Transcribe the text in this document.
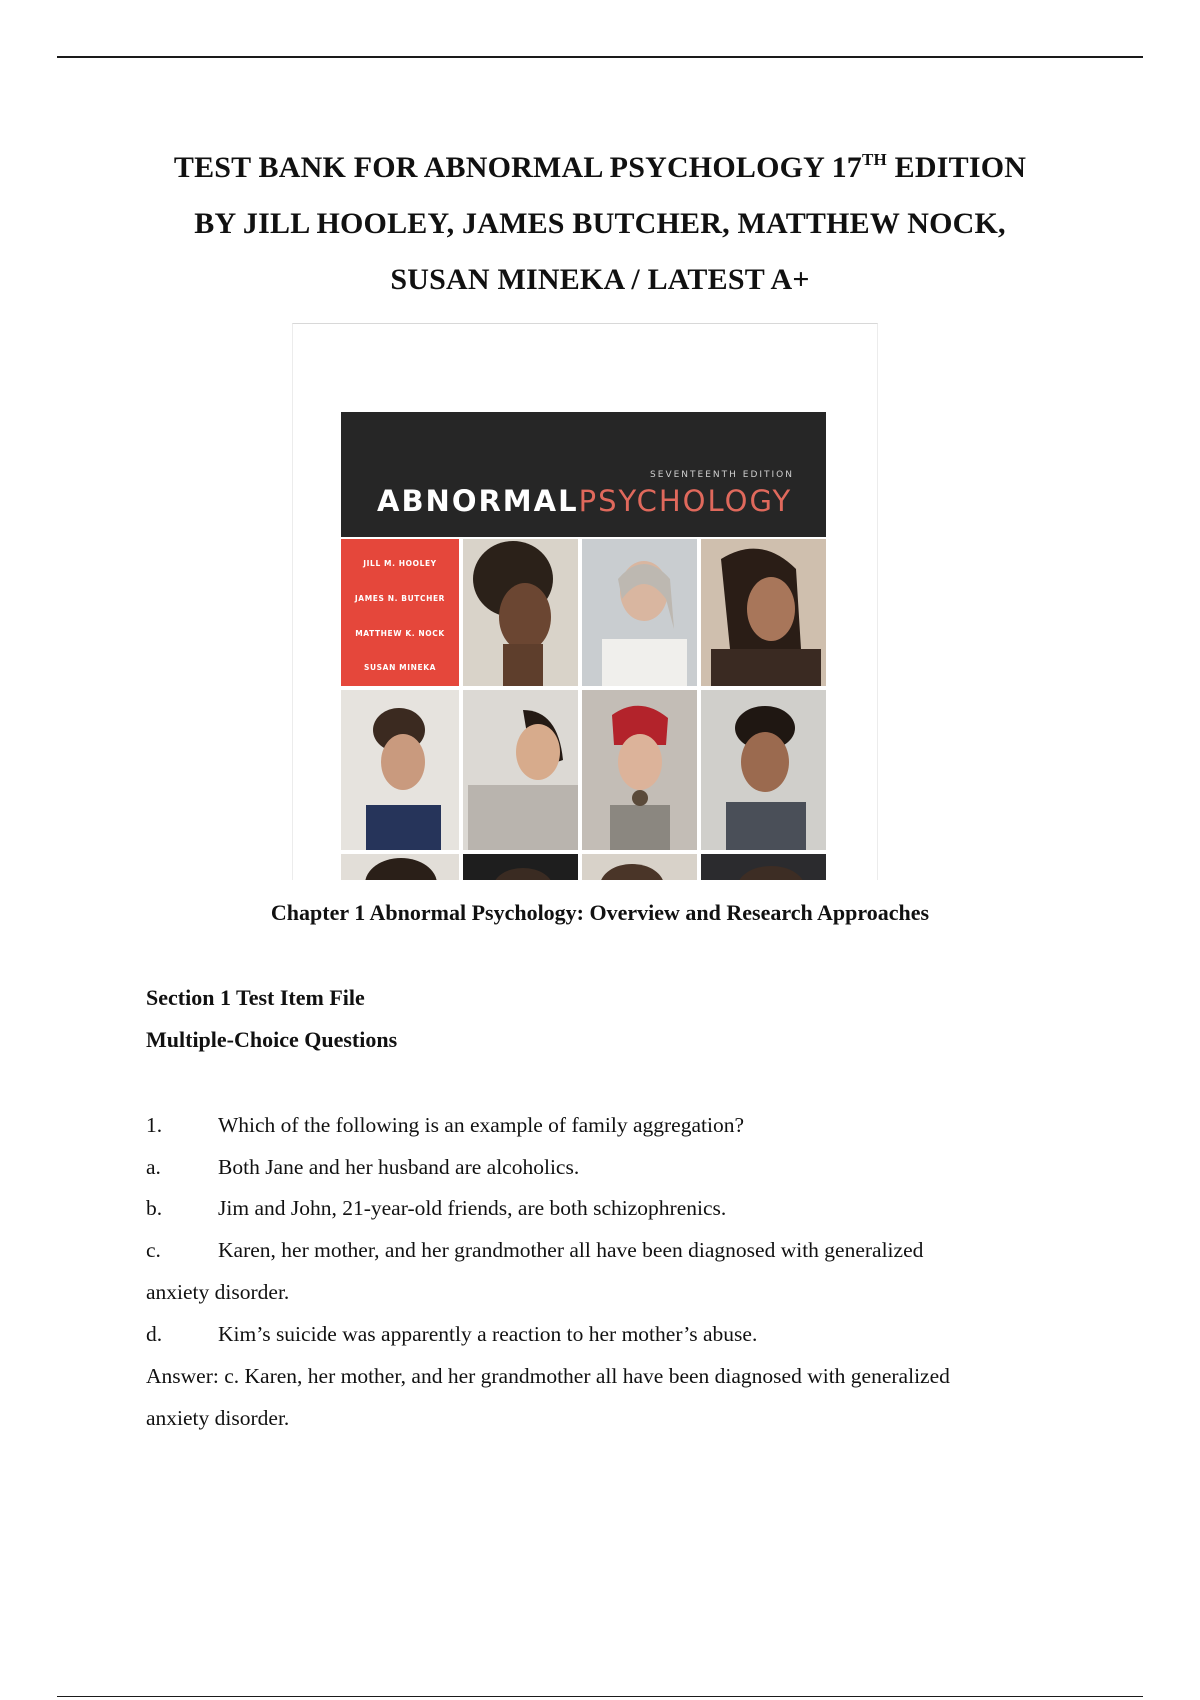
TEST BANK FOR ABNORMAL PSYCHOLOGY 17TH EDITION
BY JILL HOOLEY, JAMES BUTCHER, MATTHEW NOCK,
SUSAN MINEKA / LATEST A+
SEVENTEENTH EDITION
ABNORMALPSYCHOLOGY
JILL M. HOOLEY
JAMES N. BUTCHER
MATTHEW K. NOCK
SUSAN MINEKA
Chapter 1 Abnormal Psychology: Overview and Research Approaches
Section 1 Test Item File
Multiple-Choice Questions
1.	Which of the following is an example of family aggregation?
a.	Both Jane and her husband are alcoholics.
b.	Jim and John, 21-year-old friends, are both schizophrenics.
c.	Karen, her mother, and her grandmother all have been diagnosed with generalized
anxiety disorder.
d.	Kim’s suicide was apparently a reaction to her mother’s abuse.
Answer: c. Karen, her mother, and her grandmother all have been diagnosed with generalized
anxiety disorder.
